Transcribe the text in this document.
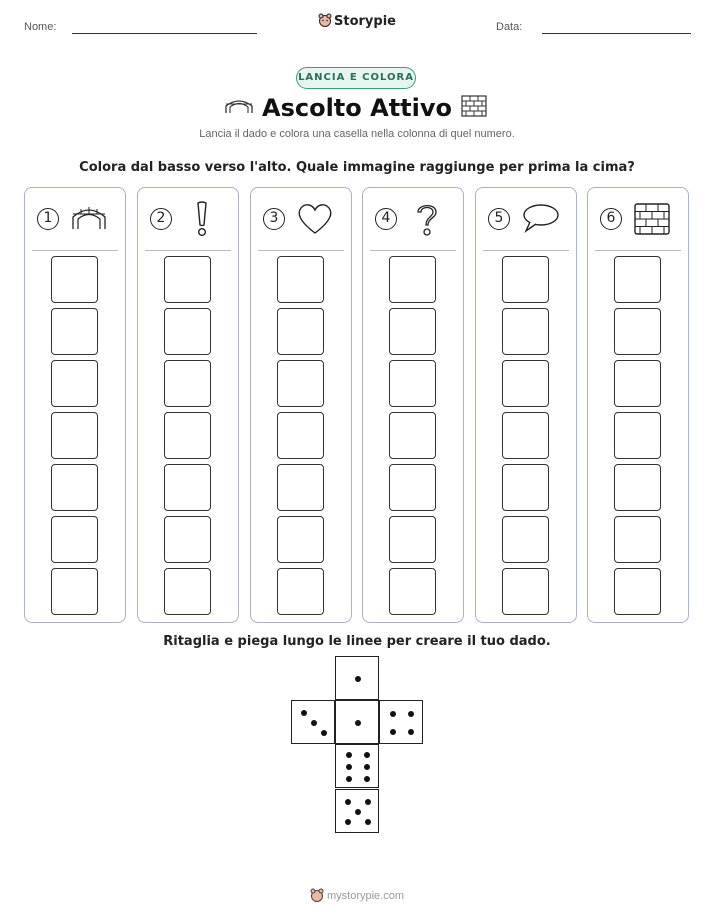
Nome:	Storypie	Data:
LANCIA E COLORA
Ascolto Attivo
Lancia il dado e colora una casella nella colonna di quel numero.
Colora dal basso verso l'alto. Quale immagine raggiunge per prima la cima?
1	2	3	4	5	6
Ritaglia e piega lungo le linee per creare il tuo dado.
mystorypie.com
